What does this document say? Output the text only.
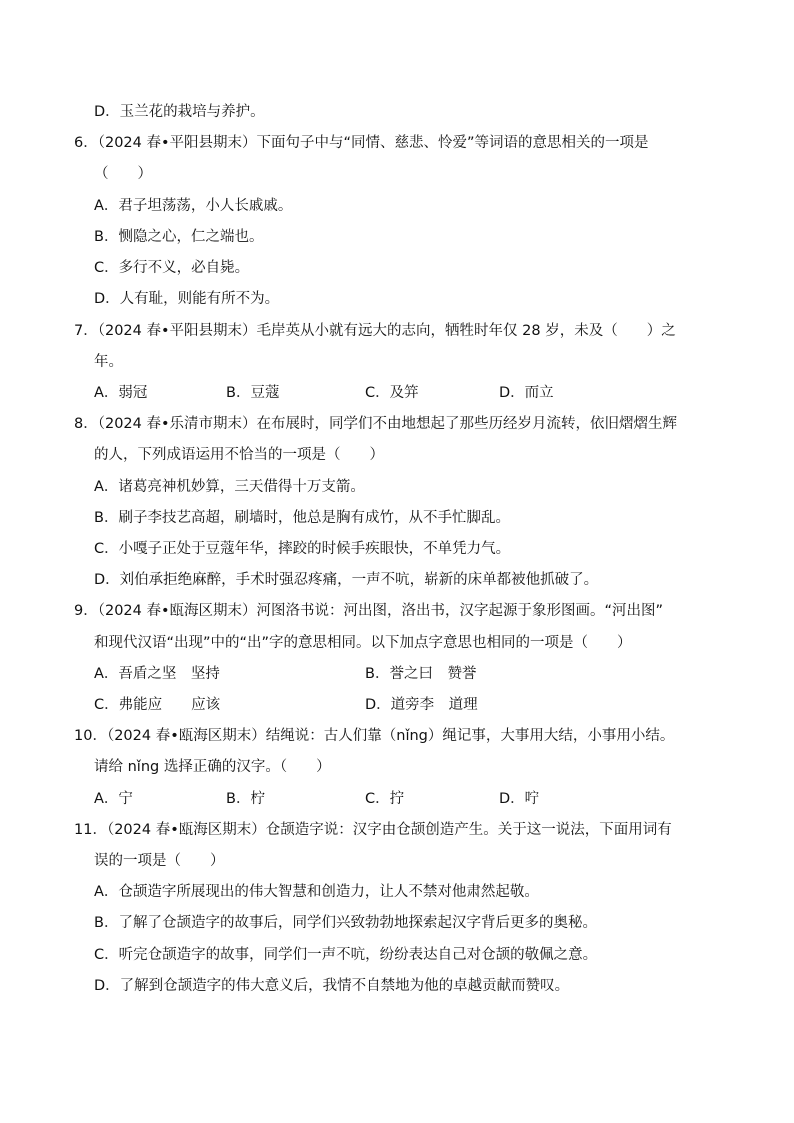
D．玉兰花的栽培与养护。
6．（2024 春•平阳县期末）下面句子中与“同情、慈悲、怜爱”等词语的意思相关的一项是
（　　）
A．君子坦荡荡，小人长戚戚。
B．恻隐之心，仁之端也。
C．多行不义，必自毙。
D．人有耻，则能有所不为。
7．（2024 春•平阳县期末）毛岸英从小就有远大的志向，牺牲时年仅 28 岁，未及（　　）之
年。
A．弱冠	B．豆蔻	C．及笄	D．而立
8．（2024 春•乐清市期末）在布展时，同学们不由地想起了那些历经岁月流转，依旧熠熠生辉
的人，下列成语运用不恰当的一项是（　　）
A．诸葛亮神机妙算，三天借得十万支箭。
B．刷子李技艺高超，刷墙时，他总是胸有成竹，从不手忙脚乱。
C．小嘎子正处于豆蔻年华，摔跤的时候手疾眼快，不单凭力气。
D．刘伯承拒绝麻醉，手术时强忍疼痛，一声不吭，崭新的床单都被他抓破了。
9．（2024 春•瓯海区期末）河图洛书说：河出图，洛出书，汉字起源于象形图画。“河出图”
和现代汉语“出现”中的“出”字的意思相同。以下加点字意思也相同的一项是（　　）
A．吾盾之坚　坚持	B．誉之曰　赞誉
C．弗能应　　应该	D．道旁李　道理
10．（2024 春•瓯海区期末）结绳说：古人们靠（nǐng）绳记事，大事用大结，小事用小结。
请给 nǐng 选择正确的汉字。（　　）
A．宁	B．柠	C．拧	D．咛
11．（2024 春•瓯海区期末）仓颉造字说：汉字由仓颉创造产生。关于这一说法，下面用词有
误的一项是（　　）
A．仓颉造字所展现出的伟大智慧和创造力，让人不禁对他肃然起敬。
B．了解了仓颉造字的故事后，同学们兴致勃勃地探索起汉字背后更多的奥秘。
C．听完仓颉造字的故事，同学们一声不吭，纷纷表达自己对仓颉的敬佩之意。
D．了解到仓颉造字的伟大意义后，我情不自禁地为他的卓越贡献而赞叹。
